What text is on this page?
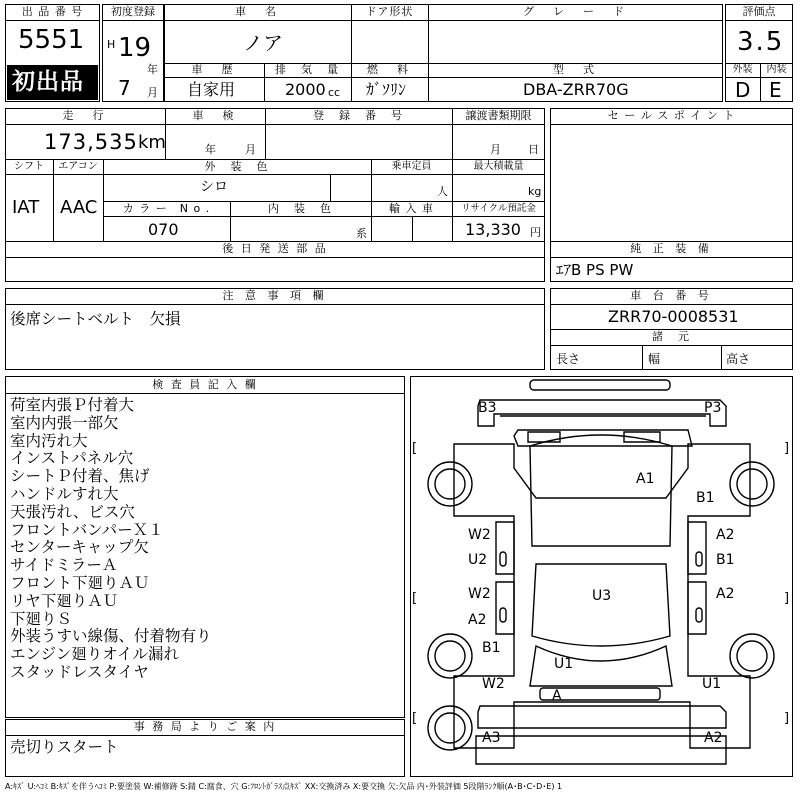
出 品 番 号
5551
初出品
初度登録
H 19
年
7 月
車　名
ノア
ドア形状	グ　レ　ー　ド
車　歴
自家用
排　気　量
2000 cc
燃　料
ｶﾞｿﾘﾝ
型　式
DBA-ZRR70G
評価点
3.5
外装	内装
D E
走　行
173,535 km
車　検
年	月
登　録　番　号	譲渡書類期限
月 日
シフト
IAT
エアコン
AAC
外　装　色
シロ
乗車定員
人
最大積載量
kg
カ ラ ー　N o .
070
内　装　色
系
輸 入 車	リサイクル預託金
13,330 円
セ ー ル ス ポ イ ン ト
後 日 発 送 部 品	純 正 装 備
ｴｱB PS PW
注 意 事 項 欄
後席シートベルト　欠損
車 台 番 号
ZRR70-0008531
諸　元
長さ	幅	高さ
検 査 員 記 入 欄
荷室内張Ｐ付着大
室内内張一部欠
室内汚れ大
インストパネル穴
シートＰ付着、焦げ
ハンドルすれ大
天張汚れ、ビス穴
フロントバンパーＸ１
センターキャップ欠
サイドミラーＡ
フロント下廻りＡＵ
リヤ下廻りＡＵ
下廻りＳ
外装うすい線傷、付着物有り
エンジン廻りオイル漏れ
スタッドレスタイヤ
事 務 局 よ り ご 案 内
売切りスタート
[	]
[	]
[	]
B3	P3
A1
B1
W2
U2
A2
B1
W2
A2
U3	A2
B1
U1
W2	U1
A
A3	A2
A:ｷｽﾞ U:ﾍｺﾐ B:ｷｽﾞを伴うﾍｺﾐ P:要塗装 W:補修跡 S:錆 C:腐食、穴 G:ﾌﾛﾝﾄｶﾞﾗｽ点ｷｽﾞ XX:交換済み X:要交換 欠:欠品 内･外装評価 5段階ﾗﾝｸ順(A･B･C･D･E) 1
